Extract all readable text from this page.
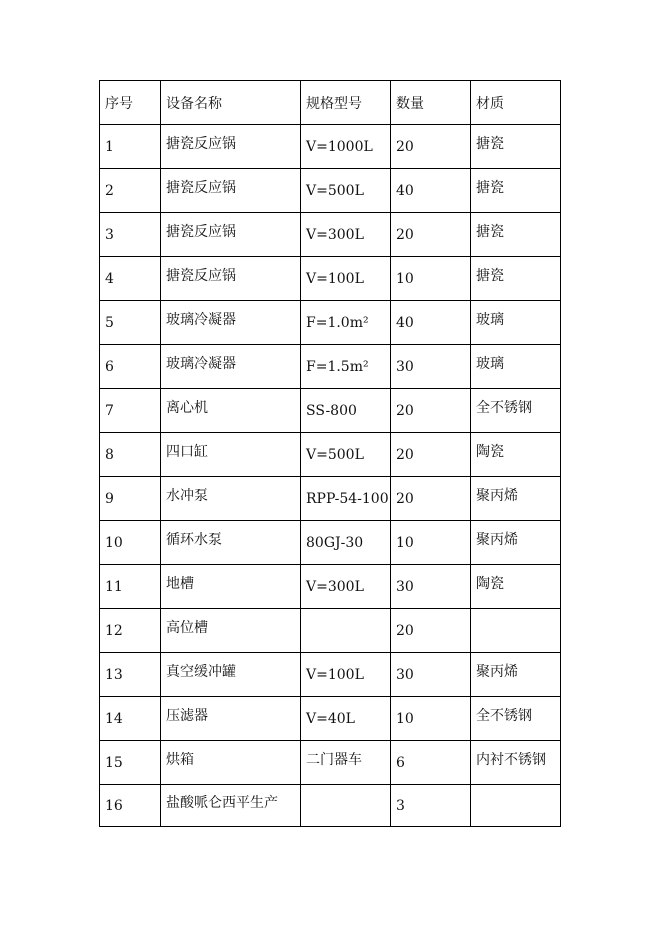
序号	设备名称	规格型号	数量	材质
1	搪瓷反应锅	V=1000L	20	搪瓷
2	搪瓷反应锅	V=500L	40	搪瓷
3	搪瓷反应锅	V=300L	20	搪瓷
4	搪瓷反应锅	V=100L	10	搪瓷
5	玻璃冷凝器	F=1.0m²	40	玻璃
6	玻璃冷凝器	F=1.5m²	30	玻璃
7	离心机	SS-800	20	全不锈钢
8	四口缸	V=500L	20	陶瓷
9	水冲泵	RPP-54-100	20	聚丙烯
10	循环水泵	80GJ-30	10	聚丙烯
11	地槽	V=300L	30	陶瓷
12	高位槽		20	
13	真空缓冲罐	V=100L	30	聚丙烯
14	压滤器	V=40L	10	全不锈钢
15	烘箱	二门器车	6	内衬不锈钢
16	盐酸哌仑西平生产		3	
